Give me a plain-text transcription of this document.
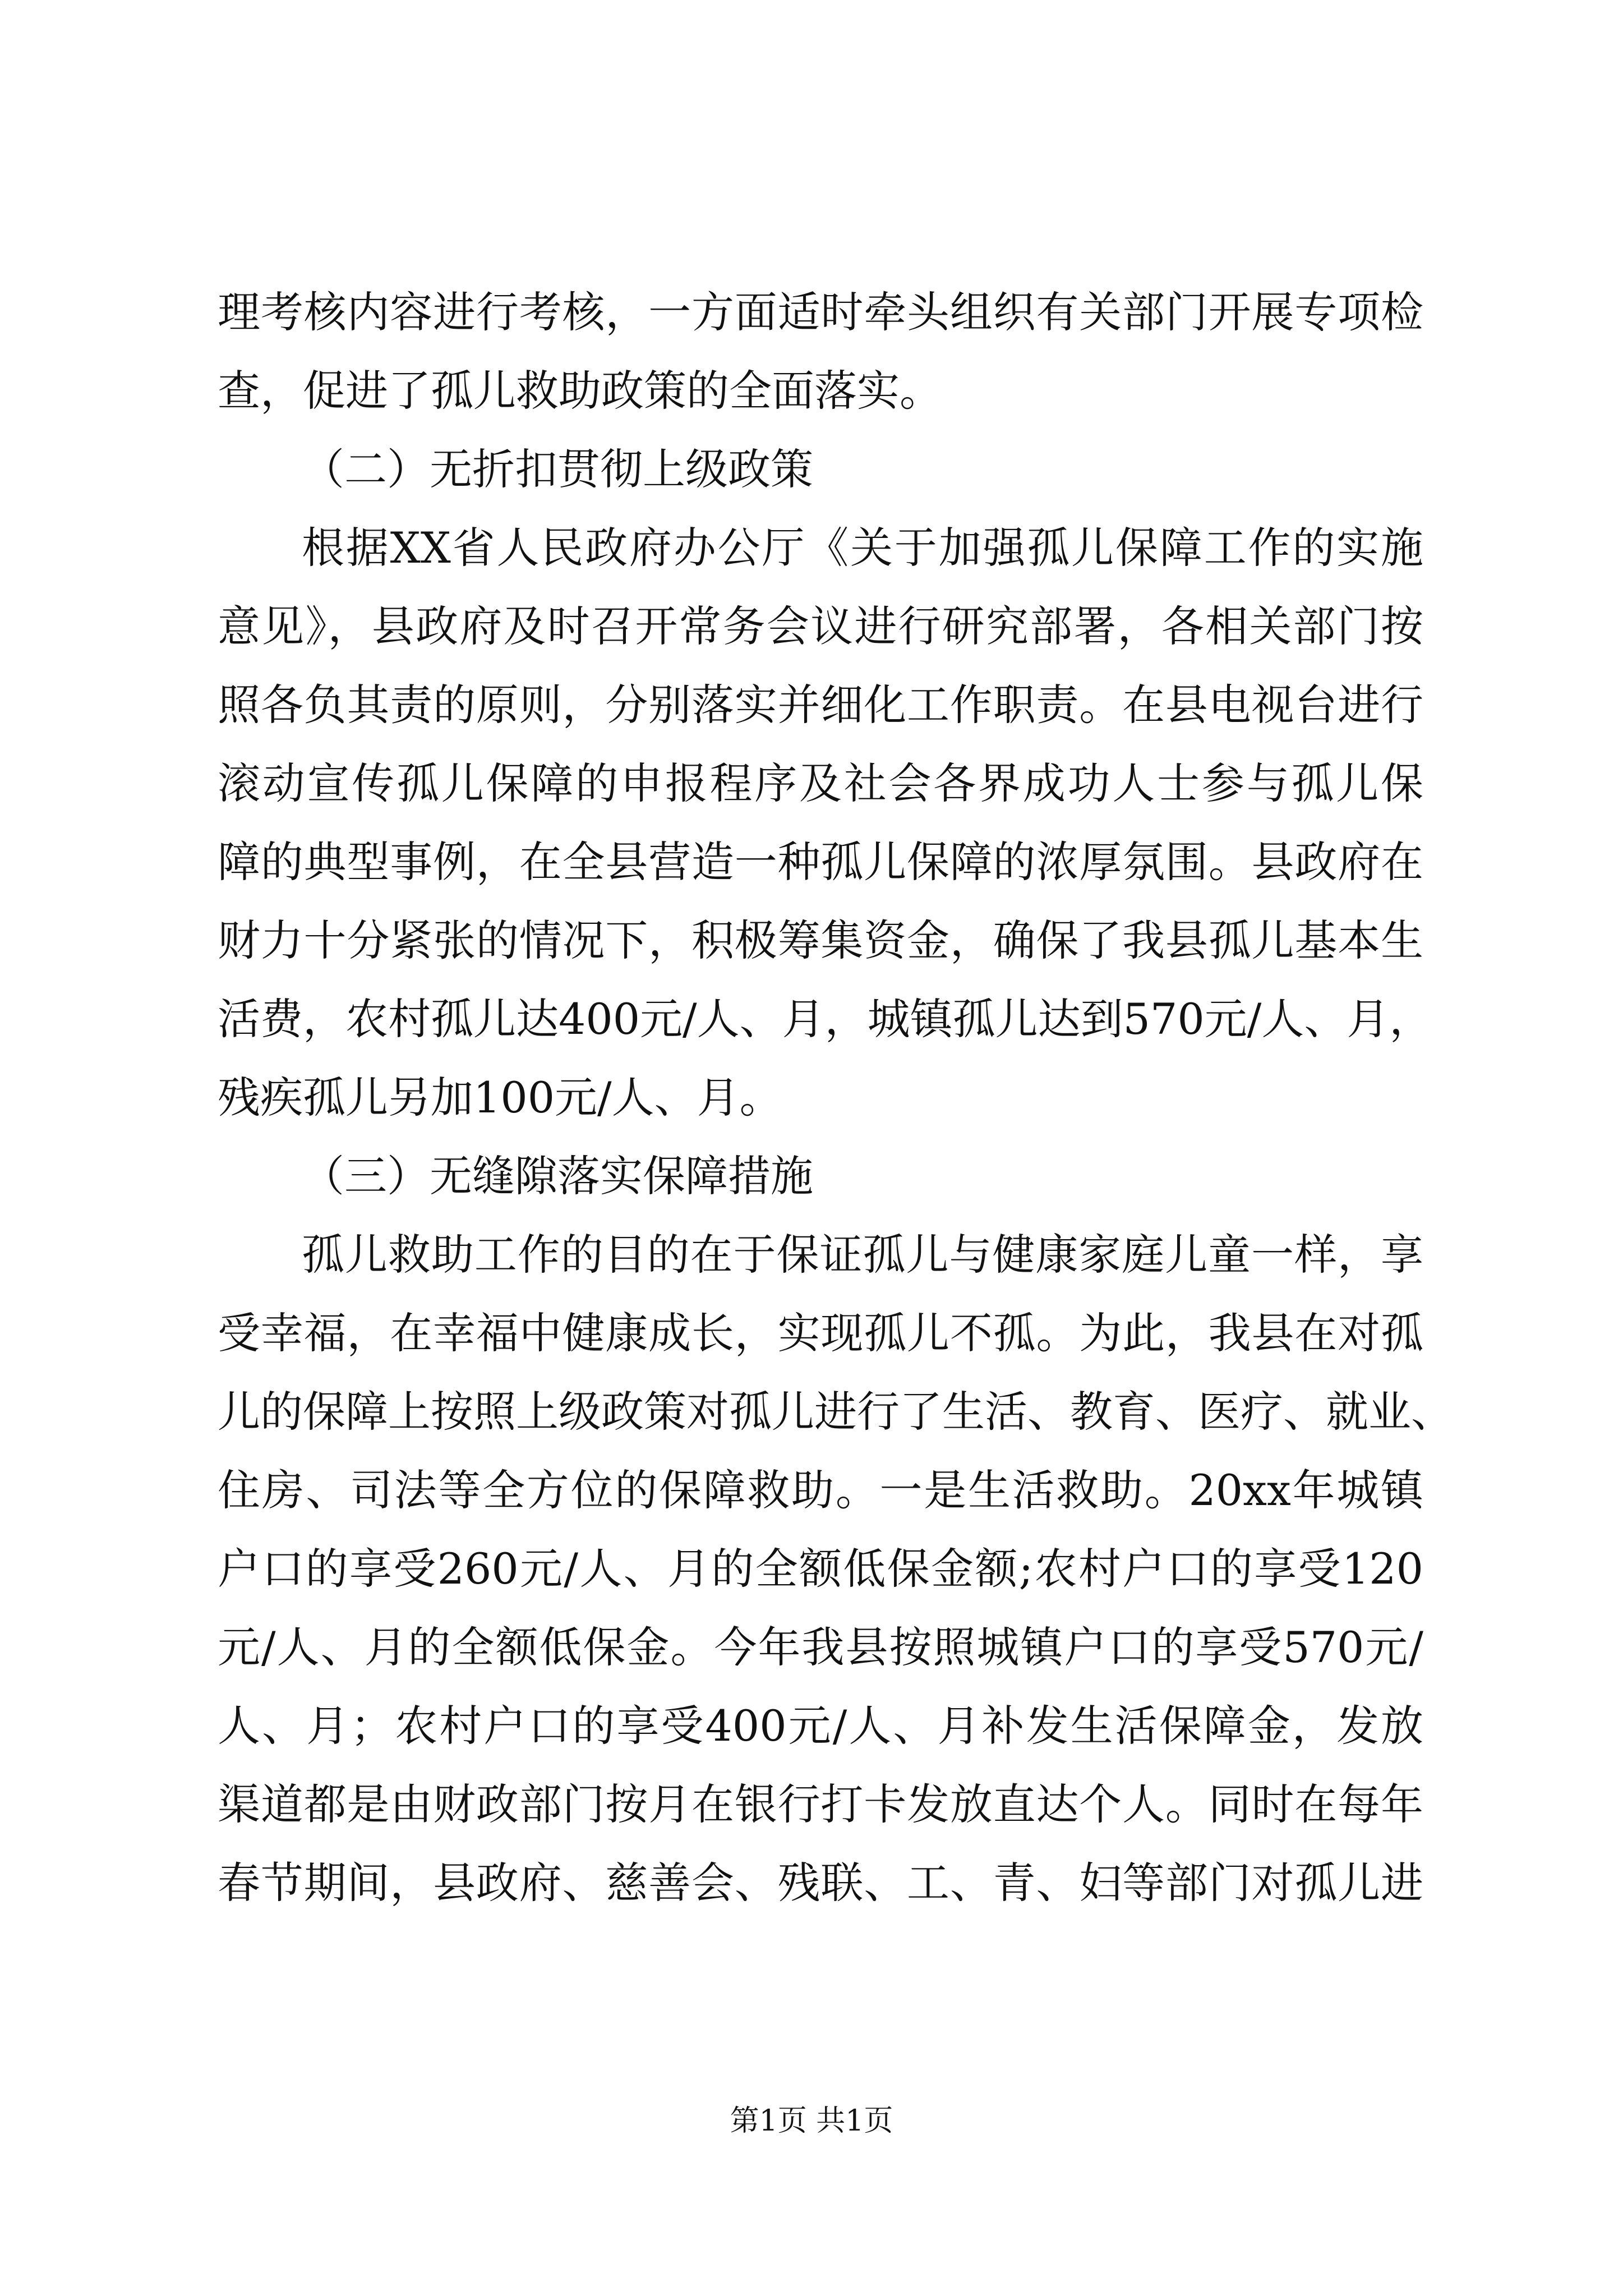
理考核内容进行考核，一方面适时牵头组织有关部门开展专项检
查，促进了孤儿救助政策的全面落实。
（二）无折扣贯彻上级政策
根据XX省人民政府办公厅《关于加强孤儿保障工作的实施
意见》，县政府及时召开常务会议进行研究部署，各相关部门按
照各负其责的原则，分别落实并细化工作职责。在县电视台进行
滚动宣传孤儿保障的申报程序及社会各界成功人士参与孤儿保
障的典型事例，在全县营造一种孤儿保障的浓厚氛围。县政府在
财力十分紧张的情况下，积极筹集资金，确保了我县孤儿基本生
活费，农村孤儿达400元/人、月，城镇孤儿达到570元/人、月，
残疾孤儿另加100元/人、月。
（三）无缝隙落实保障措施
孤儿救助工作的目的在于保证孤儿与健康家庭儿童一样，享
受幸福，在幸福中健康成长，实现孤儿不孤。为此，我县在对孤
儿的保障上按照上级政策对孤儿进行了生活、教育、医疗、就业、
住房、司法等全方位的保障救助。一是生活救助。20xx年城镇
户口的享受260元/人、月的全额低保金额;农村户口的享受120
元/人、月的全额低保金。今年我县按照城镇户口的享受570元/
人、月；农村户口的享受400元/人、月补发生活保障金，发放
渠道都是由财政部门按月在银行打卡发放直达个人。同时在每年
春节期间，县政府、慈善会、残联、工、青、妇等部门对孤儿进
第1页 共1页
